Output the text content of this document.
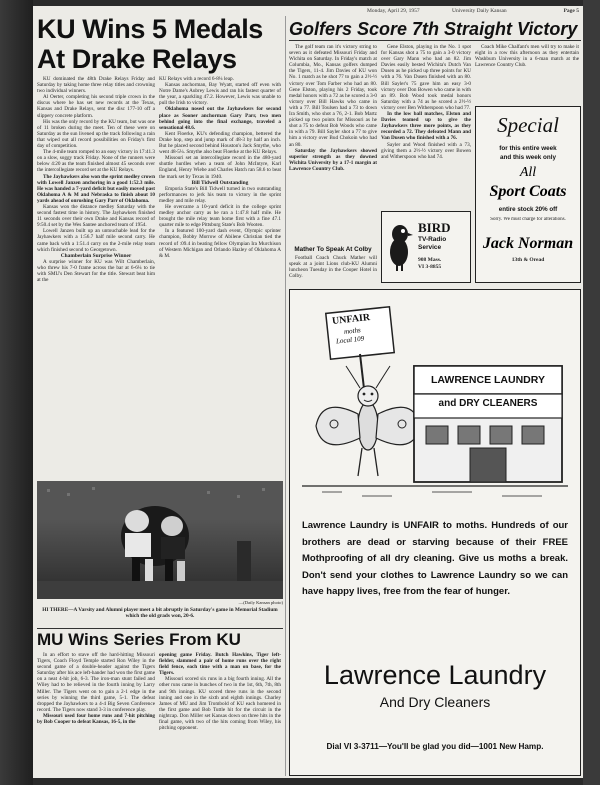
Monday, April 29, 1957	University Daily Kansan	Page 5
KU Wins 5 Medals
At Drake Relays
KU dominated the 48th Drake Relays Friday and Saturday by taking home three relay titles and crowning two individual winners.
Al Oerter, completing his second triple crown in the discus where he has set new records at the Texas, Kansas and Drake Relays, sent the disc 177-10 off a slippery concrete platform.
His was the only record by the KU team, but was one of 11 broken during the meet. Ten of these were on Saturday as the sun livened up the track following a rain that wiped out all record possibilities on Friday's first day of competition.
The 4-mile team romped to an easy victory in 17:41.3 on a slow, soggy track Friday. None of the runners were below 4:20 as the team finished almost 45 seconds over the intercollegiate record set at the KU Relays.
The Jayhawkers also won the sprint medley crown with Lowell Janzen anchoring in a good 1:52.3 mile. He was handed a 7-yard deficit but easily moved past Oklahoma A & M and Nebraska to finish about 10 yards ahead of onrushing Gary Parr of Oklahoma.
Kansas won the distance medley Saturday with the second fastest time in history. The Jayhawkers finished 11 seconds over their own Drake and Kansas record of 9:50.4 set by the Wes Santee anchored team of 1954.
Lowell Janzen built up an untouchable lead for the Jayhawkers with a 1:56.7 half mile second carry. He came back with a 1:51.4 carry on the 2-mile relay team which finished second to Georgetown.
Chamberlain Surprise Winner
A surprise winner for KU was Wilt Chamberlain, who threw his 7-0 frame across the bar at 6-6¼ to tie with SMU's Den Stewart for the title. Stewart beat him at the
KU Relays with a record 6-8¼ leap.
Kansas anchorman, Bay Wyatt, started off even with Notre Dame's Aubrey Lewis and ran his fastest quarter of the year, a sparkling 47.2. However, Lewis was unable to pull the Irish to victory.
Oklahoma nosed out the Jayhawkers for second place as Sooner anchorman Gary Parr, two men behind going into the final exchange, traveled a sensational 48.6.
Kent Floerke, KU's defending champion, bettered the Drake hop, step and jump mark of 48-3 by half an inch. But he placed second behind Houston's Jack Smythe, who went 48-5¼. Smythe also beat Floerke at the KU Relays.
Missouri set an intercollegiate record in the 480-yard shuttle hurdles when a team of John McIntyre, Karl England, Henry Wiebe and Charles Hatch ran 58.6 to beat the mark set by Texas in 1940.
Bill Tidwell Outstanding
Emporia State's Bill Tidwell turned in two outstanding performances to jerk his team to victory in the sprint medley and mile relay.
He overcame a 10-yard deficit in the college sprint medley anchor carry as he ran a 1:47.8 half mile. He brought the mile relay team home first with a fine 47.1 quarter mile to edge Pittsburg State's Bob Wooten.
In a featured 100-yard dash event, Olympic sprinter champion, Bobby Morrow of Abilene Christian tied the record of :09.4 in beating fellow Olympian Ira Murchison of Western Michigan and Orlando Hazley of Oklahoma A & M.
—(Daily Kansan photo)
HI THERE—A Varsity and Alumni player meet a bit abruptly in Saturday's game in Memorial Stadium which the old grads won, 20-6.
MU Wins Series From KU
In an effort to stave off the hard-hitting Missouri Tigers, Coach Floyd Temple started Ron Wiley in the second game of a double-header against the Tigers Saturday after his ace left-hander had won the first game on a neat 4-hit job, 6-3. The iron-man stunt failed and Wiley had to be relieved in the fourth inning by Larry Miller. The Tigers went on to gain a 2-1 edge in the series by winning the third game, 5-1. The defeat dropped the Jayhawkers to a 4-4 Big Seven Conference record. The Tigers now stand 3-3 in conference play.
Missouri used four home runs and 7-hit pitching by Bob Cooper to defeat Kansas, 16-5, in the
opening game Friday. Butch Hawkins, Tiger left-fielder, slammed a pair of home runs over the right field fence, each time with a man on base, for the Tigers.
Missouri scored six runs in a big fourth inning. All the other runs came in bunches of two in the 1st, 6th, 7th, 8th and 9th innings. KU scored three runs in the second inning and one in the sixth and eighth innings. Charley James of MU and Jim Trombold of KU each homered in the first game and Bob Tuttle hit for the circuit in the nightcap. Don Miller set Kansas down on three hits in the final game, with two of the hits coming from Wiley, his pitching opponent.
Golfers Score 7th Straight Victory
The golf team ran it's victory string to seven as it defeated Missouri Friday and Wichita on Saturday. In Friday's match at Columbia, Mo., Kansas golfers dumped the Tigers, 11-4. Jim Davies of KU won No. 1 match as he shot 77 to gain a 2½-½ victory over Tom Farber who had an 80. Gene Elston, playing his 2 Friday, took medal honors with a 72 as he scored a 3-0 victory over Bill Hawks who came in with a 77. Bill Toulsen had a 73 to down Ira Smith, who shot a 76, 2-1. Bob Martz picked up two points for Missouri as he shot a 75 to defeat Bob Woods who came in with a 79. Bill Sayler shot a 77 to give him a victory over Bud Chokoin who had an 80.
Saturday the Jayhawkers showed superior strength as they downed Wichita University by a 17-1 margin at Lawrence Country Club.
Gene Elston, playing in the No. 1 spot for Kansas shot a 75 to gain a 3-0 victory over Gary Mann who had an 82. Jim Davies easily bested Wichita's Dutch Van Dusen as he picked up three points for KU with a 76. Van Dusen finished with an 80. Bill Sayler's 75 gave him an easy 3-0 victory over Don Bowen who came in with an 89. Bob Wood took medal honors Saturday with a 74 as he scored a 2½-½ victory over Ben Witherspoon who had 77.
In the low ball matches, Elston and Davies teamed up to give the Jayhawkers three more points, as they recorded a 72. They defeated Mann and Van Dusen who finished with a 76.
Sayler and Wood finished with a 73, giving them a 2½-½ victory over Bowen and Witherspoon who had 74.
Coach Mike Chalfant's men will try to make it eight in a row this afternoon as they entertain Washburn University in a 6-man match at the Lawrence Country Club.
Mather To Speak At Colby
Football Coach Chuck Mather will speak at a joint Lions club-KU Alumni luncheon Tuesday in the Cooper Hotel in Colby.
BIRD
TV-Radio
Service
908 Mass.
VI 3-8855
Special
for this entire week
and this week only
All
Sport Coats
entire stock 20% off
Sorry. We must charge for alterations.
Jack Norman
13th & Oread
UNFAIR
moths
Local 109
LAWRENCE LAUNDRY
and DRY CLEANERS
Lawrence Laundry is UNFAIR to moths. Hundreds of our brothers are dead or starving because of their FREE Mothproofing of all dry cleaning. Give us moths a break. Don't send your clothes to Lawrence Laundry so we can have happy lives, free from the fear of hunger.
Lawrence Laundry
And Dry Cleaners
Dial VI 3-3711—You'll be glad you did—1001 New Hamp.
